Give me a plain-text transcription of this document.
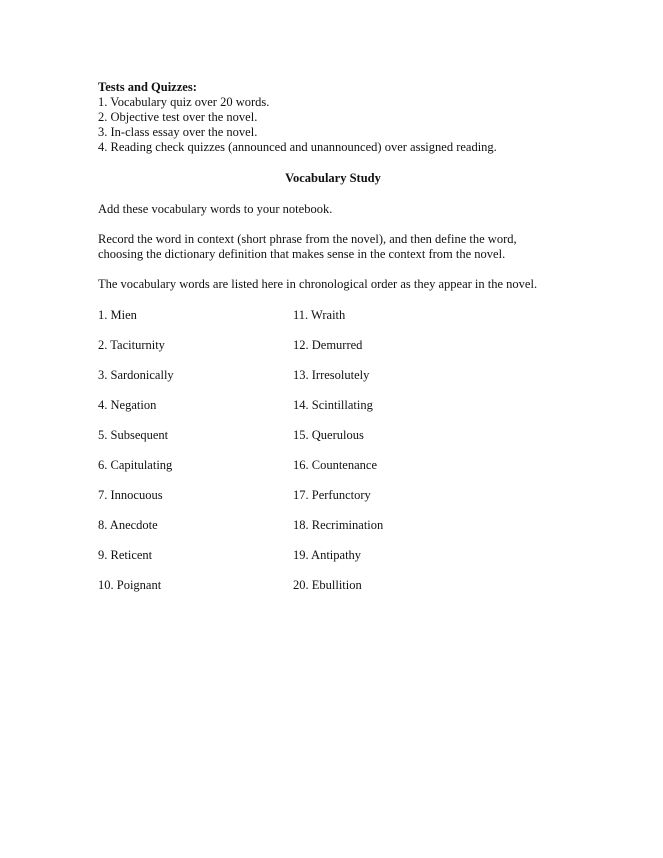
Tests and Quizzes:

1. Vocabulary quiz over 20 words.
2. Objective test over the novel.
3. In-class essay over the novel.
4. Reading check quizzes (announced and unannounced) over assigned reading.
Vocabulary Study

Add these vocabulary words to your notebook.

Record the word in context (short phrase from the novel), and then define the word, choosing the dictionary definition that makes sense in the context from the novel.

The vocabulary words are listed here in chronological order as they appear in the novel.

1. Mien	11. Wraith
2. Taciturnity	12. Demurred
3. Sardonically	13. Irresolutely
4. Negation	14. Scintillating
5. Subsequent	15. Querulous
6. Capitulating	16. Countenance
7. Innocuous	17. Perfunctory
8. Anecdote	18. Recrimination
9. Reticent	19. Antipathy
10. Poignant	20. Ebullition
